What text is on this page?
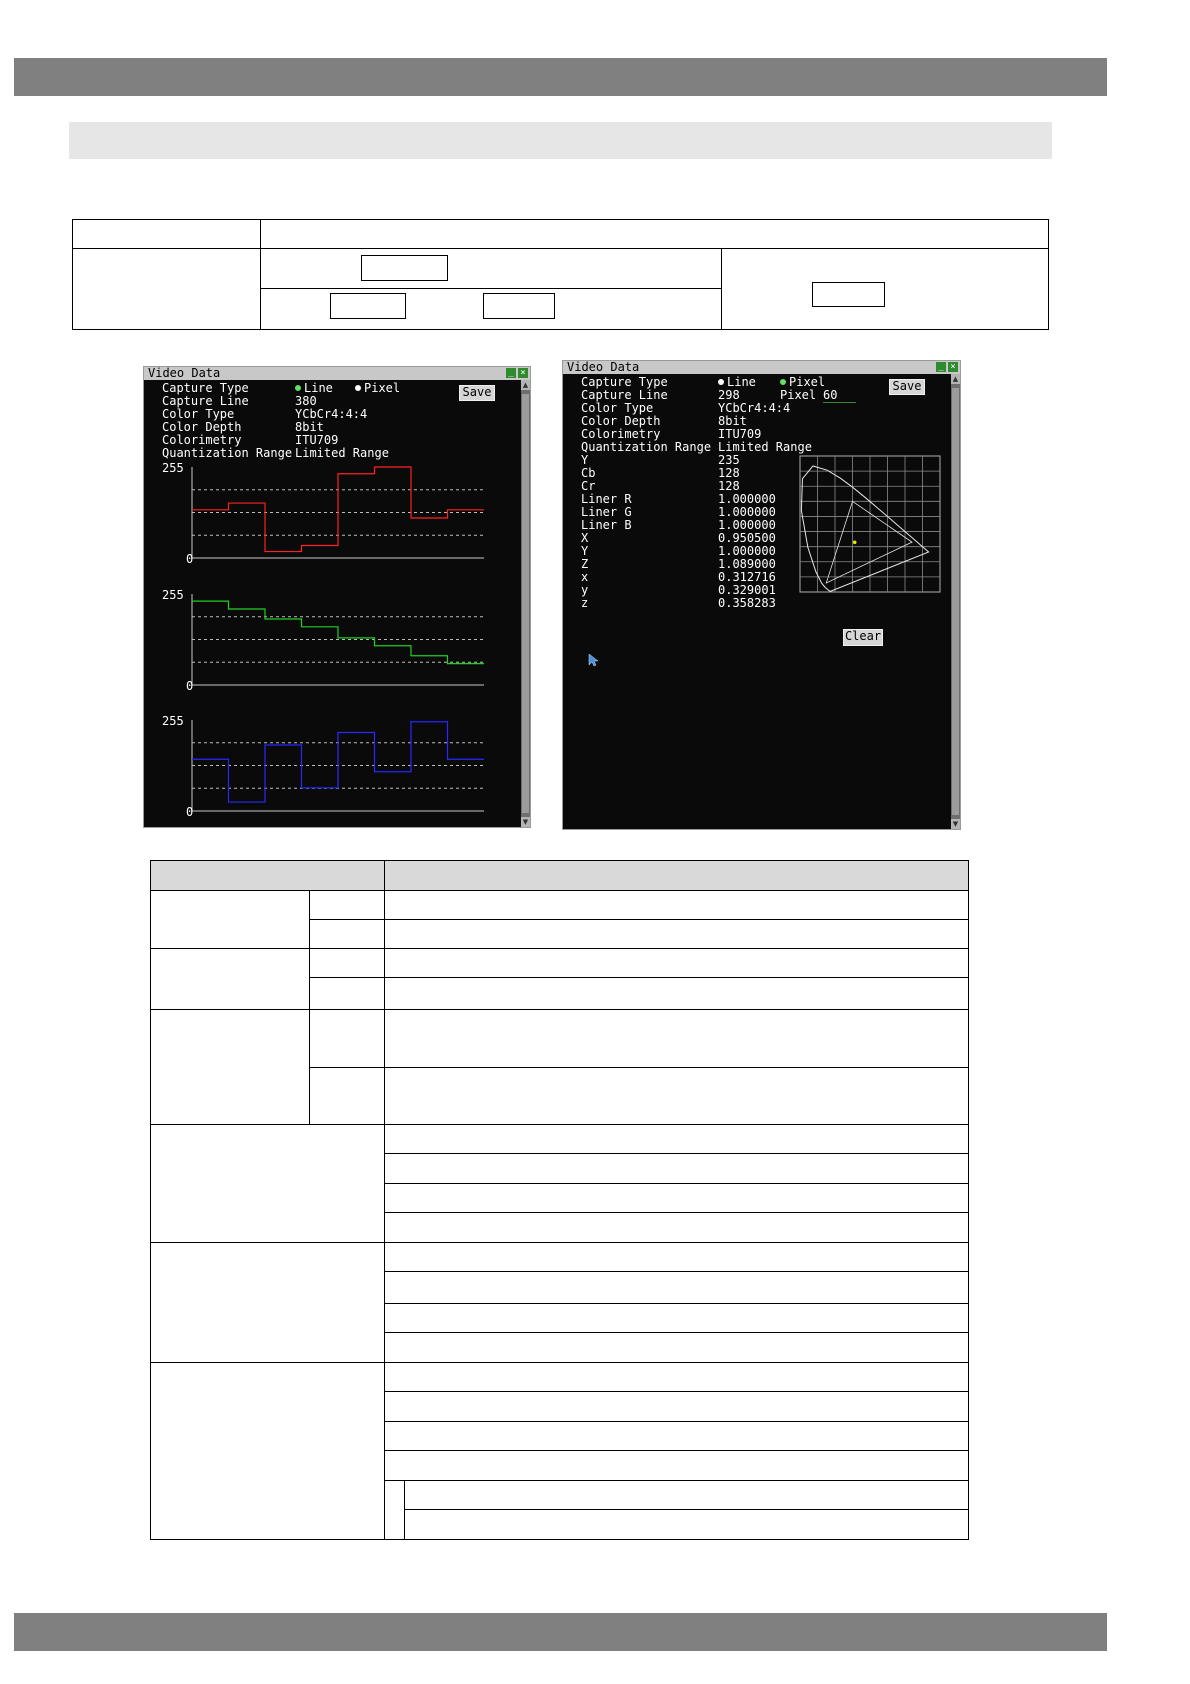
Video Data	_ ×
▲
▼
Capture Type	Line	Pixel	Save
Capture Line	380
Color Type	YCbCr4:4:4
Color Depth	8bit
Colorimetry	ITU709
Quantization Range Limited Range
255
0
255
0
255
0
Video Data	_ ×
▲
▼
Capture Type	Line	Pixel	Save
Capture Line	298	Pixel 60
Color Type	YCbCr4:4:4
Color Depth	8bit
Colorimetry	ITU709
Quantization Range Limited Range
Y	235
Cb	128
Cr	128
Liner R	1.000000
Liner G	1.000000
Liner B	1.000000
X	0.950500
Y	1.000000
Z	1.089000
x	0.312716
y	0.329001
z	0.358283
Clear
